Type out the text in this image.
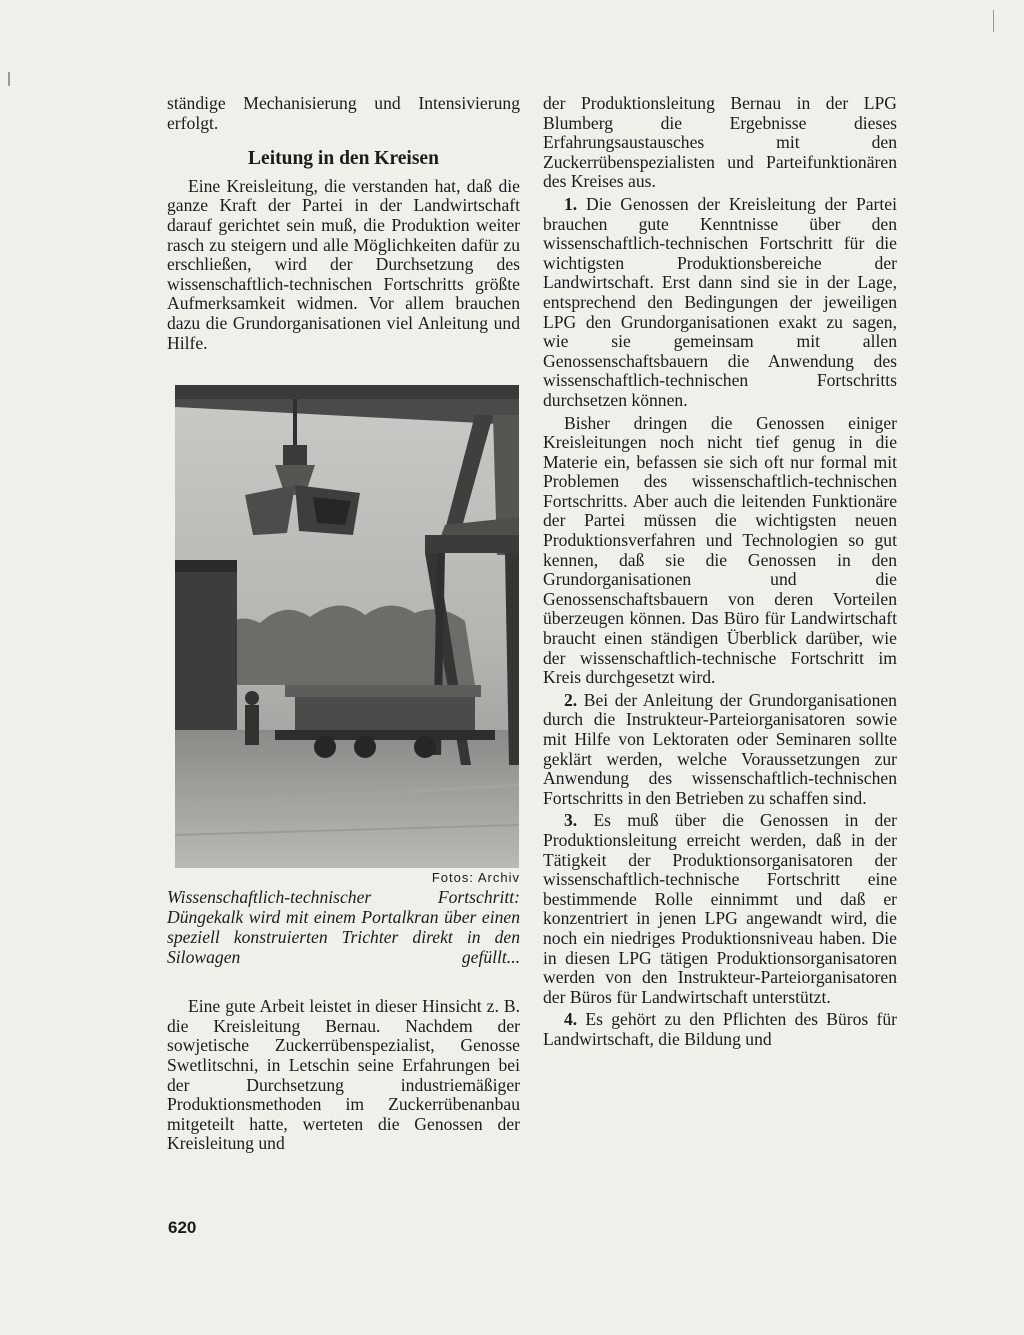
ständige Mechanisierung und Intensivierung erfolgt.

Leitung in den Kreisen

Eine Kreisleitung, die verstanden hat, daß die ganze Kraft der Partei in der Landwirtschaft darauf gerichtet sein muß, die Produktion weiter rasch zu steigern und alle Möglichkeiten dafür zu erschließen, wird der Durchsetzung des wissenschaftlich-technischen Fortschritts größte Aufmerksamkeit widmen. Vor allem brauchen dazu die Grundorganisationen viel Anleitung und Hilfe.

Fotos: Archiv
Wissenschaftlich-technischer Fortschritt: Düngekalk wird mit einem Portalkran über einen speziell konstruierten Trichter direkt in den Silowagen gefüllt...

Eine gute Arbeit leistet in dieser Hinsicht z. B. die Kreisleitung Bernau. Nachdem der sowjetische Zuckerrübenspezialist, Genosse Swetlitschni, in Letschin seine Erfahrungen bei der Durchsetzung industriemäßiger Produktionsmethoden im Zuckerrübenanbau mitgeteilt hatte, werteten die Genossen der Kreisleitung und

der Produktionsleitung Bernau in der LPG Blumberg die Ergebnisse dieses Erfahrungsaustausches mit den Zuckerrübenspezialisten und Parteifunktionären des Kreises aus.

1. Die Genossen der Kreisleitung der Partei brauchen gute Kenntnisse über den wissenschaftlich-technischen Fortschritt für die wichtigsten Produktionsbereiche der Landwirtschaft. Erst dann sind sie in der Lage, entsprechend den Bedingungen der jeweiligen LPG den Grundorganisationen exakt zu sagen, wie sie gemeinsam mit allen Genossenschaftsbauern die Anwendung des wissenschaftlich-technischen Fortschritts durchsetzen können.

Bisher dringen die Genossen einiger Kreisleitungen noch nicht tief genug in die Materie ein, befassen sie sich oft nur formal mit Problemen des wissenschaftlich-technischen Fortschritts. Aber auch die leitenden Funktionäre der Partei müssen die wichtigsten neuen Produktionsverfahren und Technologien so gut kennen, daß sie die Genossen in den Grundorganisationen und die Genossenschaftsbauern von deren Vorteilen überzeugen können. Das Büro für Landwirtschaft braucht einen ständigen Überblick darüber, wie der wissenschaftlich-technische Fortschritt im Kreis durchgesetzt wird.

2. Bei der Anleitung der Grundorganisationen durch die Instrukteur-Parteiorganisatoren sowie mit Hilfe von Lektoraten oder Seminaren sollte geklärt werden, welche Voraussetzungen zur Anwendung des wissenschaftlich-technischen Fortschritts in den Betrieben zu schaffen sind.

3. Es muß über die Genossen in der Produktionsleitung erreicht werden, daß in der Tätigkeit der Produktionsorganisatoren der wissenschaftlich-technische Fortschritt eine bestimmende Rolle einnimmt und daß er konzentriert in jenen LPG angewandt wird, die noch ein niedriges Produktionsniveau haben. Die in diesen LPG tätigen Produktionsorganisatoren werden von den Instrukteur-Parteiorganisatoren der Büros für Landwirtschaft unterstützt.

4. Es gehört zu den Pflichten des Büros für Landwirtschaft, die Bildung und

620
